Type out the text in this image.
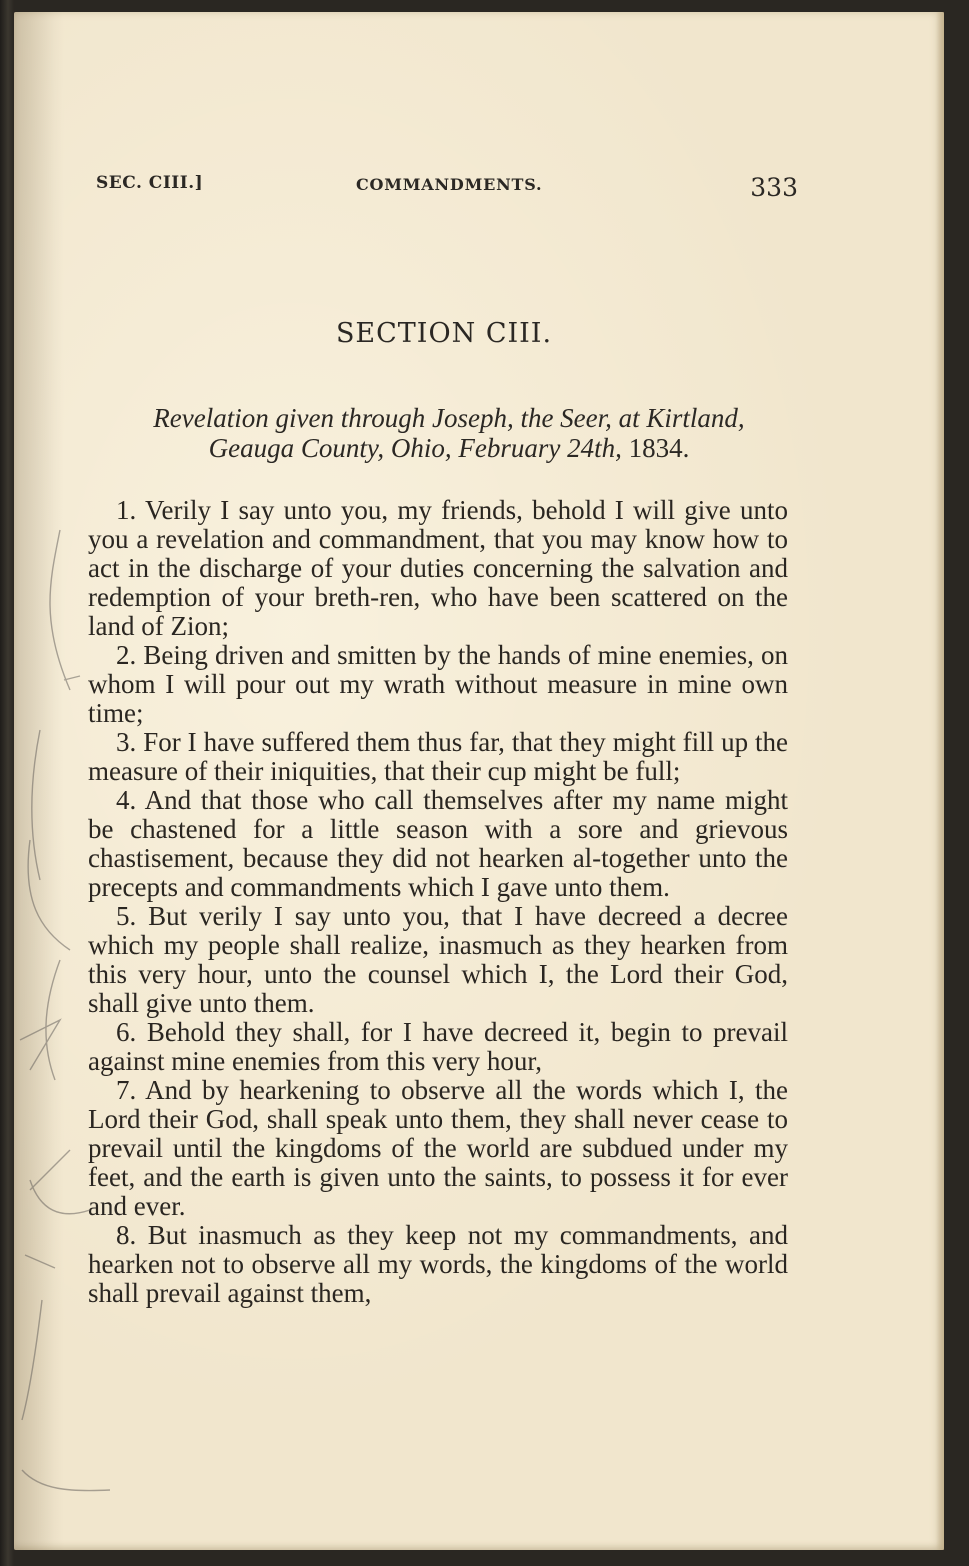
SEC. CIII.]	COMMANDMENTS.	333
SECTION CIII.
Revelation given through Joseph, the Seer, at Kirtland,
Geauga County, Ohio, February 24th, 1834.

1. Verily I say unto you, my friends, behold I will give unto you a revelation and commandment, that you may know how to act in the discharge of your duties concerning the salvation and redemption of your breth-ren, who have been scattered on the land of Zion;

2. Being driven and smitten by the hands of mine enemies, on whom I will pour out my wrath without measure in mine own time;

3. For I have suffered them thus far, that they might fill up the measure of their iniquities, that their cup might be full;

4. And that those who call themselves after my name might be chastened for a little season with a sore and grievous chastisement, because they did not hearken al-together unto the precepts and commandments which I gave unto them.

5. But verily I say unto you, that I have decreed a decree which my people shall realize, inasmuch as they hearken from this very hour, unto the counsel which I, the Lord their God, shall give unto them.

6. Behold they shall, for I have decreed it, begin to prevail against mine enemies from this very hour,

7. And by hearkening to observe all the words which I, the Lord their God, shall speak unto them, they shall never cease to prevail until the kingdoms of the world are subdued under my feet, and the earth is given unto the saints, to possess it for ever and ever.

8. But inasmuch as they keep not my commandments, and hearken not to observe all my words, the kingdoms of the world shall prevail against them,
